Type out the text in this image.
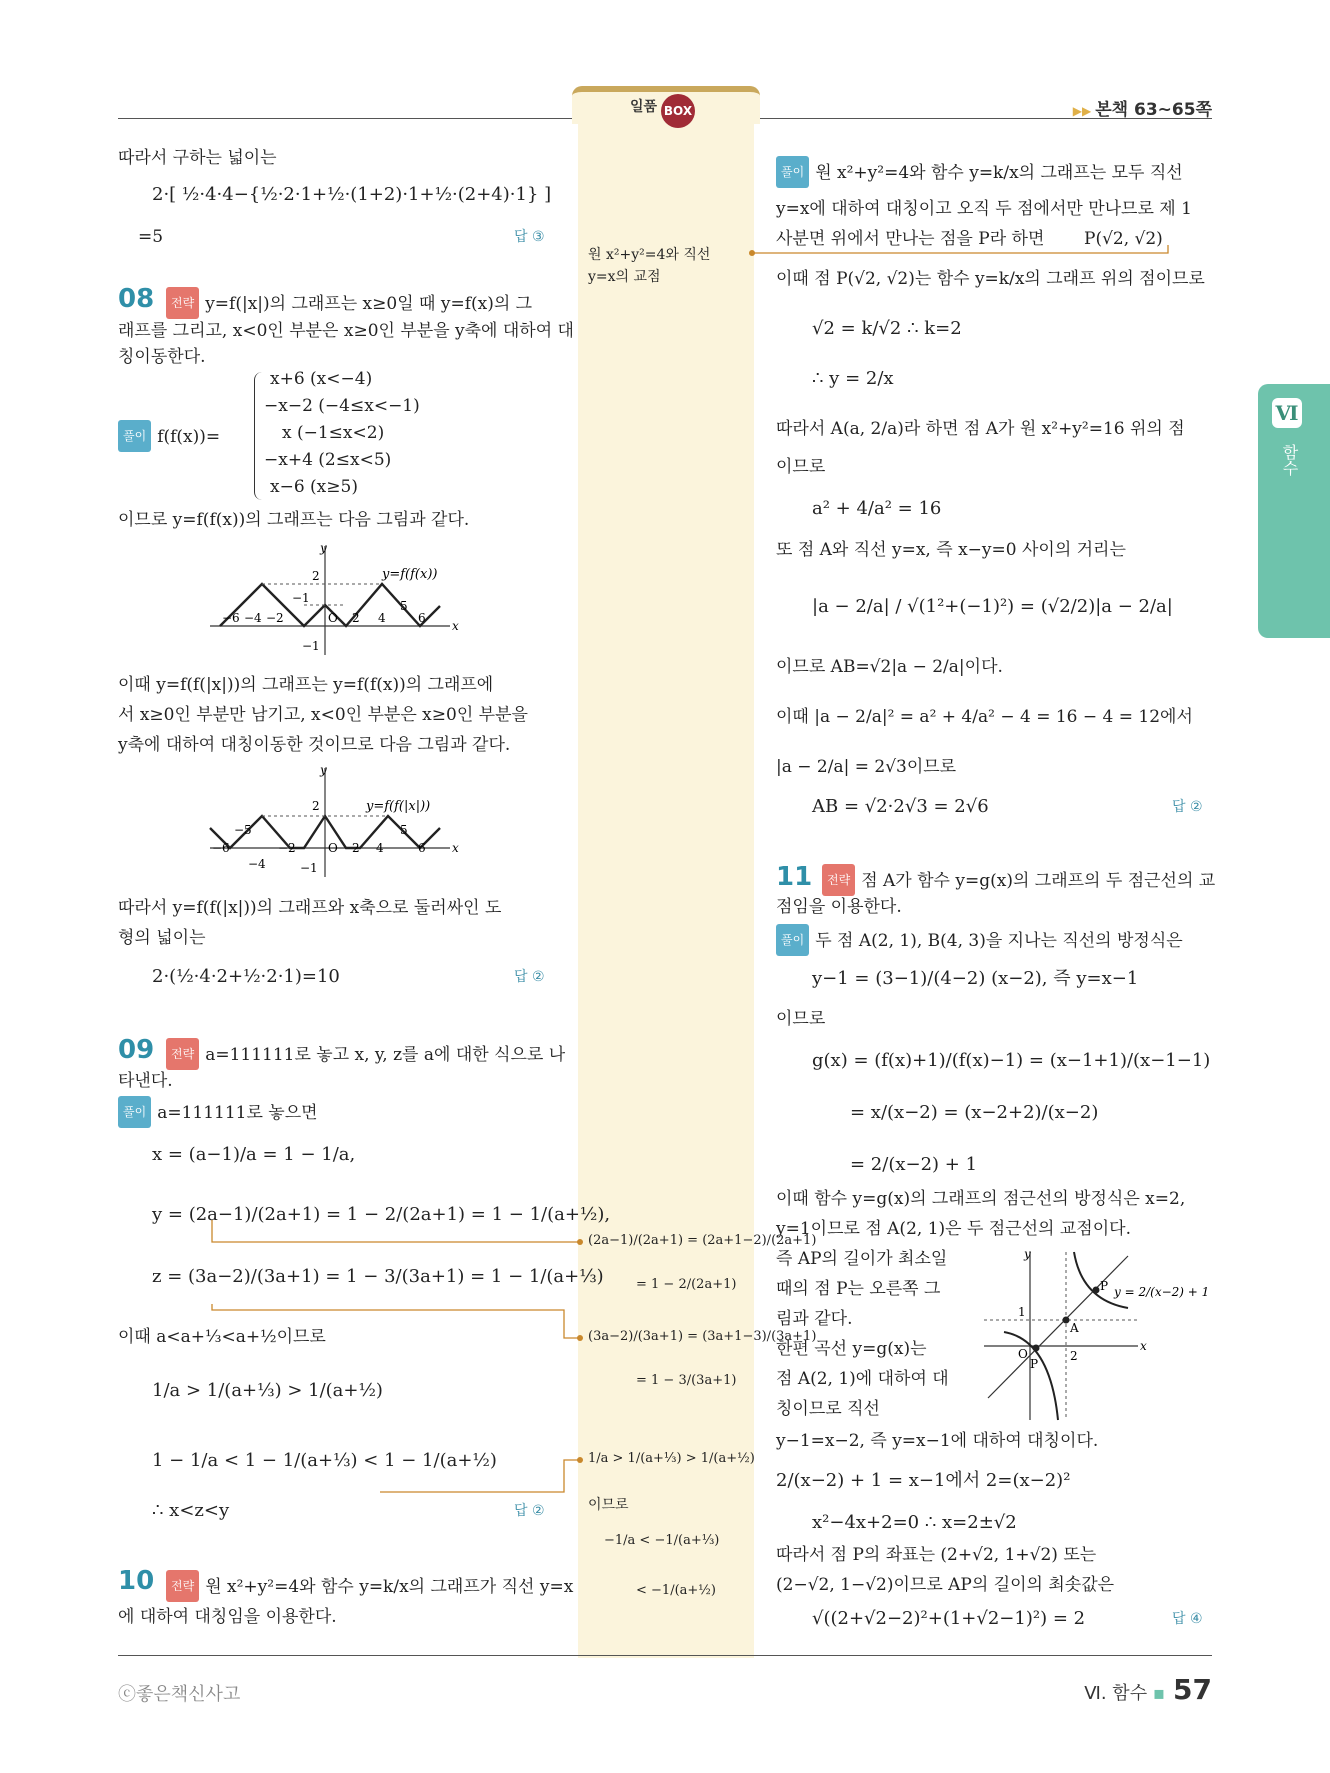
일품 BOX	▶▶ 본책 63~65쪽
Ⅵ
함수
따라서 구하는 넓이는
2·[ ½·4·4−{½·2·1+½·(1+2)·1+½·(2+4)·1} ]
=5	답 ③
08	전략 y=f(|x|)의 그래프는 x≥0일 때 y=f(x)의 그
래프를 그리고, x<0인 부분은 x≥0인 부분을 y축에 대하여 대
칭이동한다.
풀이 f(f(x))=
x+6 (x<−4)
−x−2 (−4≤x<−1)
x (−1≤x<2)
−x+4 (2≤x<5)
x−6 (x≥5)
이므로 y=f(f(x))의 그래프는 다음 그림과 같다.
y
x
2
−1
−1
−6 −4 −2	O 2 4
5
6
y=f(f(x))
이때 y=f(f(|x|))의 그래프는 y=f(f(x))의 그래프에
서 x≥0인 부분만 남기고, x<0인 부분은 x≥0인 부분을
y축에 대하여 대칭이동한 것이므로 다음 그림과 같다.
y
x
2
−5
−6
−4
−2
−1
O 2 4
5
6
y=f(f(|x|))
따라서 y=f(f(|x|))의 그래프와 x축으로 둘러싸인 도
형의 넓이는
2·(½·4·2+½·2·1)=10	답 ②
09	전략 a=111111로 놓고 x, y, z를 a에 대한 식으로 나
타낸다.
풀이 a=111111로 놓으면
x = (a−1)/a = 1 − 1/a,
y = (2a−1)/(2a+1) = 1 − 2/(2a+1) = 1 − 1/(a+½),
z = (3a−2)/(3a+1) = 1 − 3/(3a+1) = 1 − 1/(a+⅓)
이때 a<a+⅓<a+½이므로
1/a > 1/(a+⅓) > 1/(a+½)
1 − 1/a < 1 − 1/(a+⅓) < 1 − 1/(a+½)
∴ x<z<y	답 ②
10	전략 원 x²+y²=4와 함수 y=k/x의 그래프가 직선 y=x
에 대하여 대칭임을 이용한다.
원 x²+y²=4와 직선
y=x의 교점
(2a−1)/(2a+1) = (2a+1−2)/(2a+1)
= 1 − 2/(2a+1)
(3a−2)/(3a+1) = (3a+1−3)/(3a+1)
= 1 − 3/(3a+1)
1/a > 1/(a+⅓) > 1/(a+½)
이므로
−1/a < −1/(a+⅓)
< −1/(a+½)
풀이 원 x²+y²=4와 함수 y=k/x의 그래프는 모두 직선
y=x에 대하여 대칭이고 오직 두 점에서만 만나므로 제 1
사분면 위에서 만나는 점을 P라 하면 P(√2, √2)
이때 점 P(√2, √2)는 함수 y=k/x의 그래프 위의 점이므로
√2 = k/√2 ∴ k=2
∴ y = 2/x
따라서 A(a, 2/a)라 하면 점 A가 원 x²+y²=16 위의 점
이므로
a² + 4/a² = 16
또 점 A와 직선 y=x, 즉 x−y=0 사이의 거리는
|a − 2/a| / √(1²+(−1)²) = (√2/2)|a − 2/a|
이므로 AB=√2|a − 2/a|이다.
이때 |a − 2/a|² = a² + 4/a² − 4 = 16 − 4 = 12에서
|a − 2/a| = 2√3이므로
AB = √2·2√3 = 2√6	답 ②
11	전략 점 A가 함수 y=g(x)의 그래프의 두 점근선의 교
점임을 이용한다.
풀이 두 점 A(2, 1), B(4, 3)을 지나는 직선의 방정식은
y−1 = (3−1)/(4−2) (x−2), 즉 y=x−1
이므로
g(x) = (f(x)+1)/(f(x)−1) = (x−1+1)/(x−1−1)
= x/(x−2) = (x−2+2)/(x−2)
= 2/(x−2) + 1
이때 함수 y=g(x)의 그래프의 점근선의 방정식은 x=2,
y=1이므로 점 A(2, 1)은 두 점근선의 교점이다.
즉 AP의 길이가 최소일
때의 점 P는 오른쪽 그
림과 같다.
한편 곡선 y=g(x)는
점 A(2, 1)에 대하여 대
칭이므로 직선
y
x
O
1
2
A
P
P
y = 2/(x−2) + 1
y−1=x−2, 즉 y=x−1에 대하여 대칭이다.
2/(x−2) + 1 = x−1에서 2=(x−2)²
x²−4x+2=0 ∴ x=2±√2
따라서 점 P의 좌표는 (2+√2, 1+√2) 또는
(2−√2, 1−√2)이므로 AP의 길이의 최솟값은
√((2+√2−2)²+(1+√2−1)²) = 2	답 ④
ⓒ좋은책신사고	Ⅵ. 함수 ▪ 57
